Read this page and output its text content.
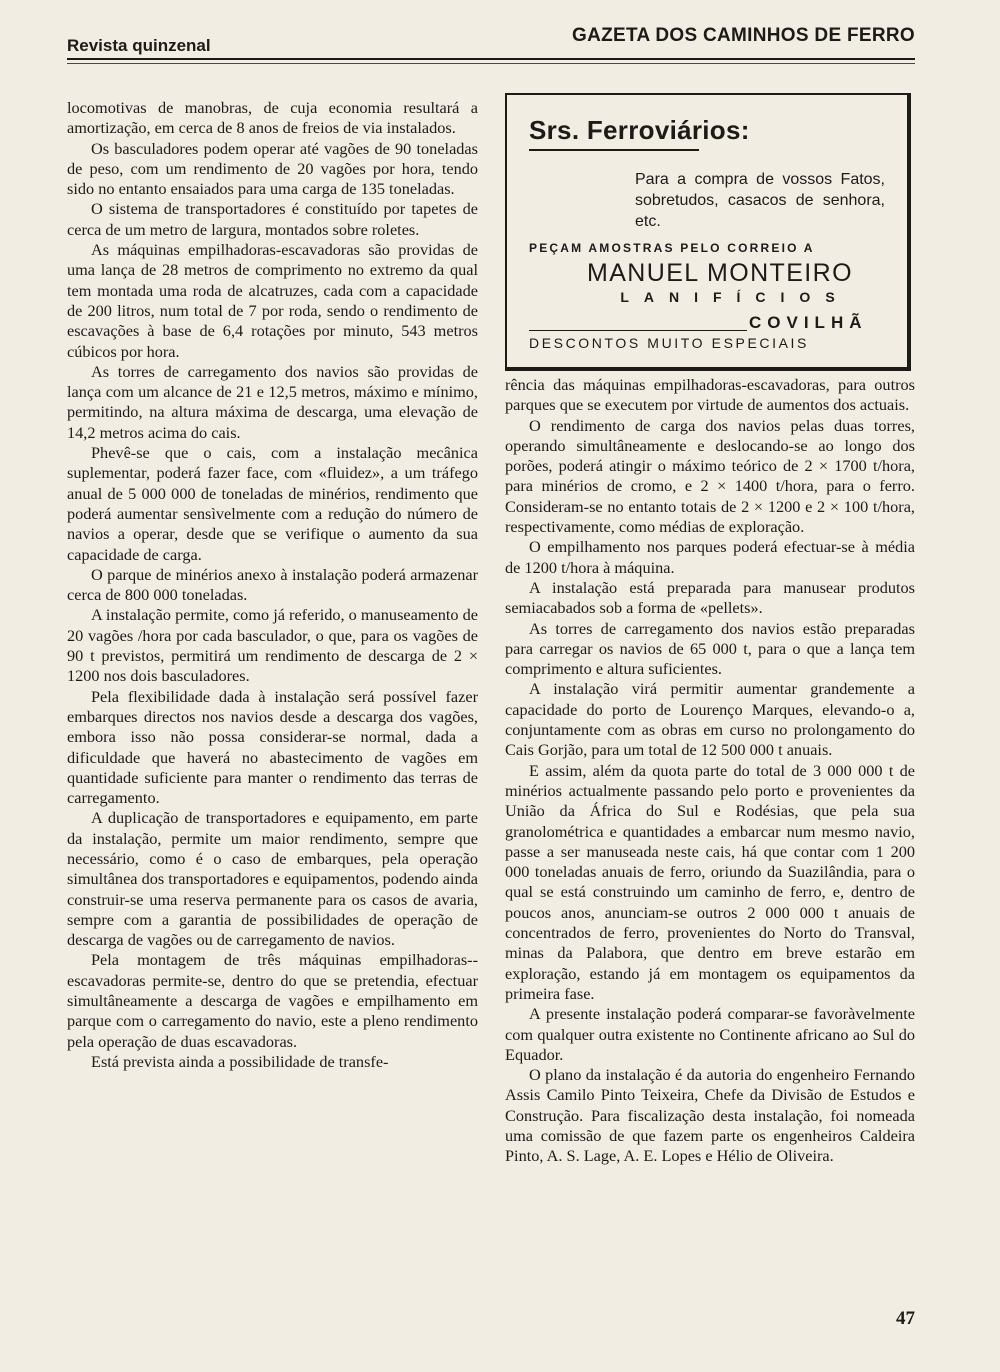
Revista quinzenal	GAZETA DOS CAMINHOS DE FERRO

locomotivas de manobras, de cuja economia resultará a amortização, em cerca de 8 anos de freios de via instalados.

Os basculadores podem operar até vagões de 90 toneladas de peso, com um rendimento de 20 vagões por hora, tendo sido no entanto ensaiados para uma carga de 135 toneladas.

O sistema de transportadores é constituído por tapetes de cerca de um metro de largura, montados sobre roletes.

As máquinas empilhadoras-escavadoras são providas de uma lança de 28 metros de comprimento no extremo da qual tem montada uma roda de alcatruzes, cada com a capacidade de 200 litros, num total de 7 por roda, sendo o rendimento de escavações à base de 6,4 rotações por minuto, 543 metros cúbicos por hora.

As torres de carregamento dos navios são providas de lança com um alcance de 21 e 12,5 metros, máximo e mínimo, permitindo, na altura máxima de descarga, uma elevação de 14,2 metros acima do cais.

Phevê-se que o cais, com a instalação mecânica suplementar, poderá fazer face, com «fluidez», a um tráfego anual de 5 000 000 de toneladas de minérios, rendimento que poderá aumentar sensìvelmente com a redução do número de navios a operar, desde que se verifique o aumento da sua capacidade de carga.

O parque de minérios anexo à instalação poderá armazenar cerca de 800 000 toneladas.

A instalação permite, como já referido, o manuseamento de 20 vagões /hora por cada basculador, o que, para os vagões de 90 t previstos, permitirá um rendimento de descarga de 2 × 1200 nos dois basculadores.

Pela flexibilidade dada à instalação será possível fazer embarques directos nos navios desde a descarga dos vagões, embora isso não possa considerar-se normal, dada a dificuldade que haverá no abastecimento de vagões em quantidade suficiente para manter o rendimento das terras de carregamento.

A duplicação de transportadores e equipamento, em parte da instalação, permite um maior rendimento, sempre que necessário, como é o caso de embarques, pela operação simultânea dos transportadores e equipamentos, podendo ainda construir-se uma reserva permanente para os casos de avaria, sempre com a garantia de possibilidades de operação de descarga de vagões ou de carregamento de navios.

Pela montagem de três máquinas empilhadoras--escavadoras permite-se, dentro do que se pretendia, efectuar simultâneamente a descarga de vagões e empilhamento em parque com o carregamento do navio, este a pleno rendimento pela operação de duas escavadoras.

Está prevista ainda a possibilidade de transfe-

Srs. Ferroviários:
Para a compra de vossos Fatos, sobretudos, casacos de senhora, etc.
PEÇAM AMOSTRAS PELO CORREIO A
MANUEL MONTEIRO
LANIFÍCIOS
COVILHÃ
DESCONTOS MUITO ESPECIAIS

rência das máquinas empilhadoras-escavadoras, para outros parques que se executem por virtude de aumentos dos actuais.

O rendimento de carga dos navios pelas duas torres, operando simultâneamente e deslocando-se ao longo dos porões, poderá atingir o máximo teórico de 2 × 1700 t/hora, para minérios de cromo, e 2 × 1400 t/hora, para o ferro. Consideram-se no entanto totais de 2 × 1200 e 2 × 100 t/hora, respectivamente, como médias de exploração.

O empilhamento nos parques poderá efectuar-se à média de 1200 t/hora à máquina.

A instalação está preparada para manusear produtos semiacabados sob a forma de «pellets».

As torres de carregamento dos navios estão preparadas para carregar os navios de 65 000 t, para o que a lança tem comprimento e altura suficientes.

A instalação virá permitir aumentar grandemente a capacidade do porto de Lourenço Marques, elevando-o a, conjuntamente com as obras em curso no prolongamento do Cais Gorjão, para um total de 12 500 000 t anuais.

E assim, além da quota parte do total de 3 000 000 t de minérios actualmente passando pelo porto e provenientes da União da África do Sul e Rodésias, que pela sua granolométrica e quantidades a embarcar num mesmo navio, passe a ser manuseada neste cais, há que contar com 1 200 000 toneladas anuais de ferro, oriundo da Suazilândia, para o qual se está construindo um caminho de ferro, e, dentro de poucos anos, anunciam-se outros 2 000 000 t anuais de concentrados de ferro, provenientes do Norto do Transval, minas da Palabora, que dentro em breve estarão em exploração, estando já em montagem os equipamentos da primeira fase.

A presente instalação poderá comparar-se favoràvelmente com qualquer outra existente no Continente africano ao Sul do Equador.

O plano da instalação é da autoria do engenheiro Fernando Assis Camilo Pinto Teixeira, Chefe da Divisão de Estudos e Construção. Para fiscalização desta instalação, foi nomeada uma comissão de que fazem parte os engenheiros Caldeira Pinto, A. S. Lage, A. E. Lopes e Hélio de Oliveira.

47
